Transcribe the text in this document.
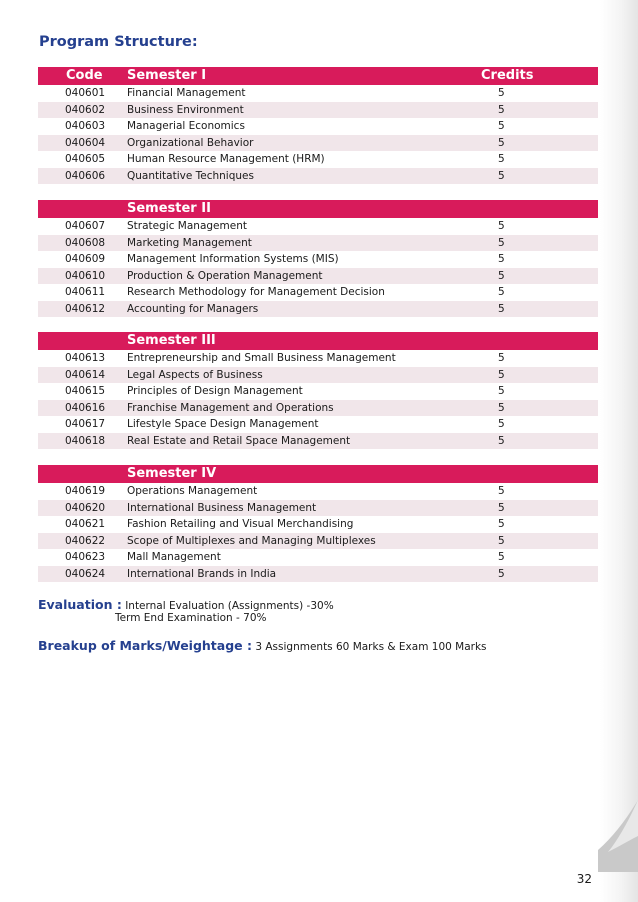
Program Structure:
Code Semester I	Credits
040601 Financial Management	5
040602 Business Environment	5
040603 Managerial Economics	5
040604 Organizational Behavior	5
040605 Human Resource Management (HRM)	5
040606 Quantitative Techniques	5
Semester II
040607 Strategic Management	5
040608 Marketing Management	5
040609 Management Information Systems (MIS)	5
040610 Production & Operation Management	5
040611 Research Methodology for Management Decision	5
040612 Accounting for Managers	5
Semester III
040613 Entrepreneurship and Small Business Management	5
040614 Legal Aspects of Business	5
040615 Principles of Design Management	5
040616 Franchise Management and Operations	5
040617 Lifestyle Space Design Management	5
040618 Real Estate and Retail Space Management	5
Semester IV
040619 Operations Management	5
040620 International Business Management	5
040621 Fashion Retailing and Visual Merchandising	5
040622 Scope of Multiplexes and Managing Multiplexes	5
040623 Mall Management	5
040624 International Brands in India	5
Evaluation : Internal Evaluation (Assignments) -30%
Term End Examination - 70%
Breakup of Marks/Weightage : 3 Assignments 60 Marks & Exam 100 Marks
32
